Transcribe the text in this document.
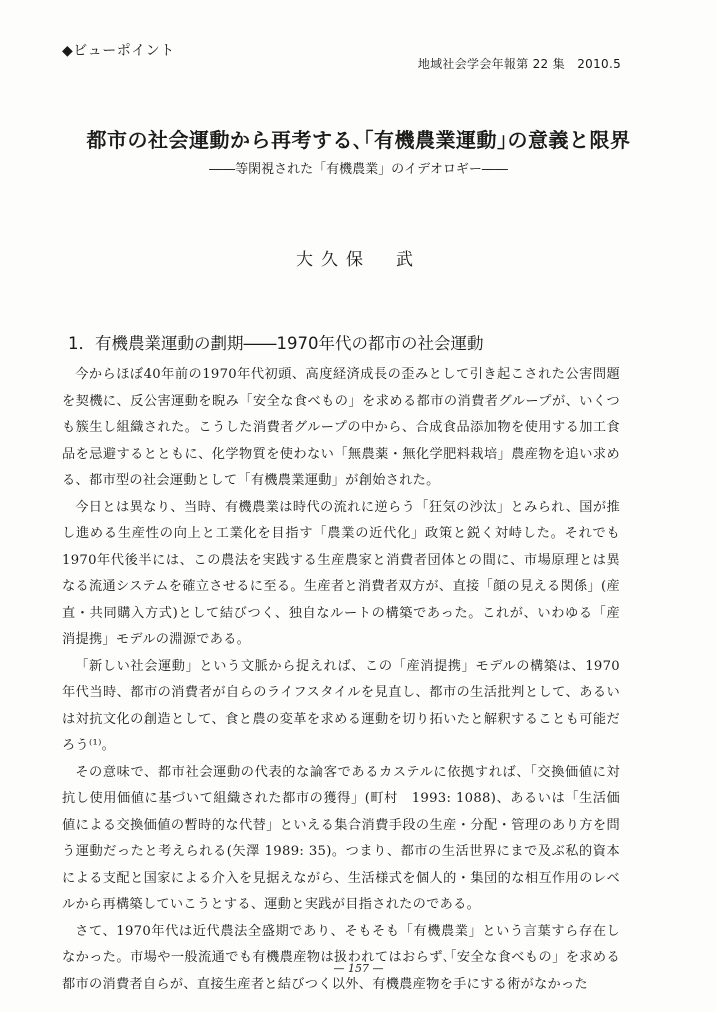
◆ビューポイント
地域社会学会年報第 22 集　2010.5
都市の社会運動から再考する､｢有機農業運動｣の意義と限界
――等閑視された「有機農業」のイデオロギー――
大久保　武
1．有機農業運動の劃期――1970年代の都市の社会運動

今からほぼ40年前の1970年代初頭、高度経済成長の歪みとして引き起こされた公害問題を契機に、反公害運動を睨み「安全な食べもの」を求める都市の消費者グループが、いくつも簇生し組織された。こうした消費者グループの中から、合成食品添加物を使用する加工食品を忌避するとともに、化学物質を使わない「無農薬・無化学肥料栽培」農産物を追い求める、都市型の社会運動として「有機農業運動」が創始された。

今日とは異なり、当時、有機農業は時代の流れに逆らう「狂気の沙汰」とみられ、国が推し進める生産性の向上と工業化を目指す「農業の近代化」政策と鋭く対峙した。それでも1970年代後半には、この農法を実践する生産農家と消費者団体との間に、市場原理とは異なる流通システムを確立させるに至る。生産者と消費者双方が、直接「顔の見える関係」(産直・共同購入方式)として結びつく、独自なルートの構築であった。これが、いわゆる「産消提携」モデルの淵源である。

「新しい社会運動」という文脈から捉えれば、この「産消提携」モデルの構築は、1970年代当時、都市の消費者が自らのライフスタイルを見直し、都市の生活批判として、あるいは対抗文化の創造として、食と農の変革を求める運動を切り拓いたと解釈することも可能だろう⁽¹⁾。

その意味で、都市社会運動の代表的な論客であるカステルに依拠すれば、「交換価値に対抗し使用価値に基づいて組織された都市の獲得」(町村　1993: 1088)、あるいは「生活価値による交換価値の暫時的な代替」といえる集合消費手段の生産・分配・管理のあり方を問う運動だったと考えられる(矢澤 1989: 35)。つまり、都市の生活世界にまで及ぶ私的資本による支配と国家による介入を見据えながら、生活様式を個人的・集団的な相互作用のレベルから再構築していこうとする、運動と実践が目指されたのである。

さて、1970年代は近代農法全盛期であり、そもそも「有機農業」という言葉すら存在しなかった。市場や一般流通でも有機農産物は扱われてはおらず､｢安全な食べもの」を求める都市の消費者自らが、直接生産者と結びつく以外、有機農産物を手にする術がなかった

— 157 —
